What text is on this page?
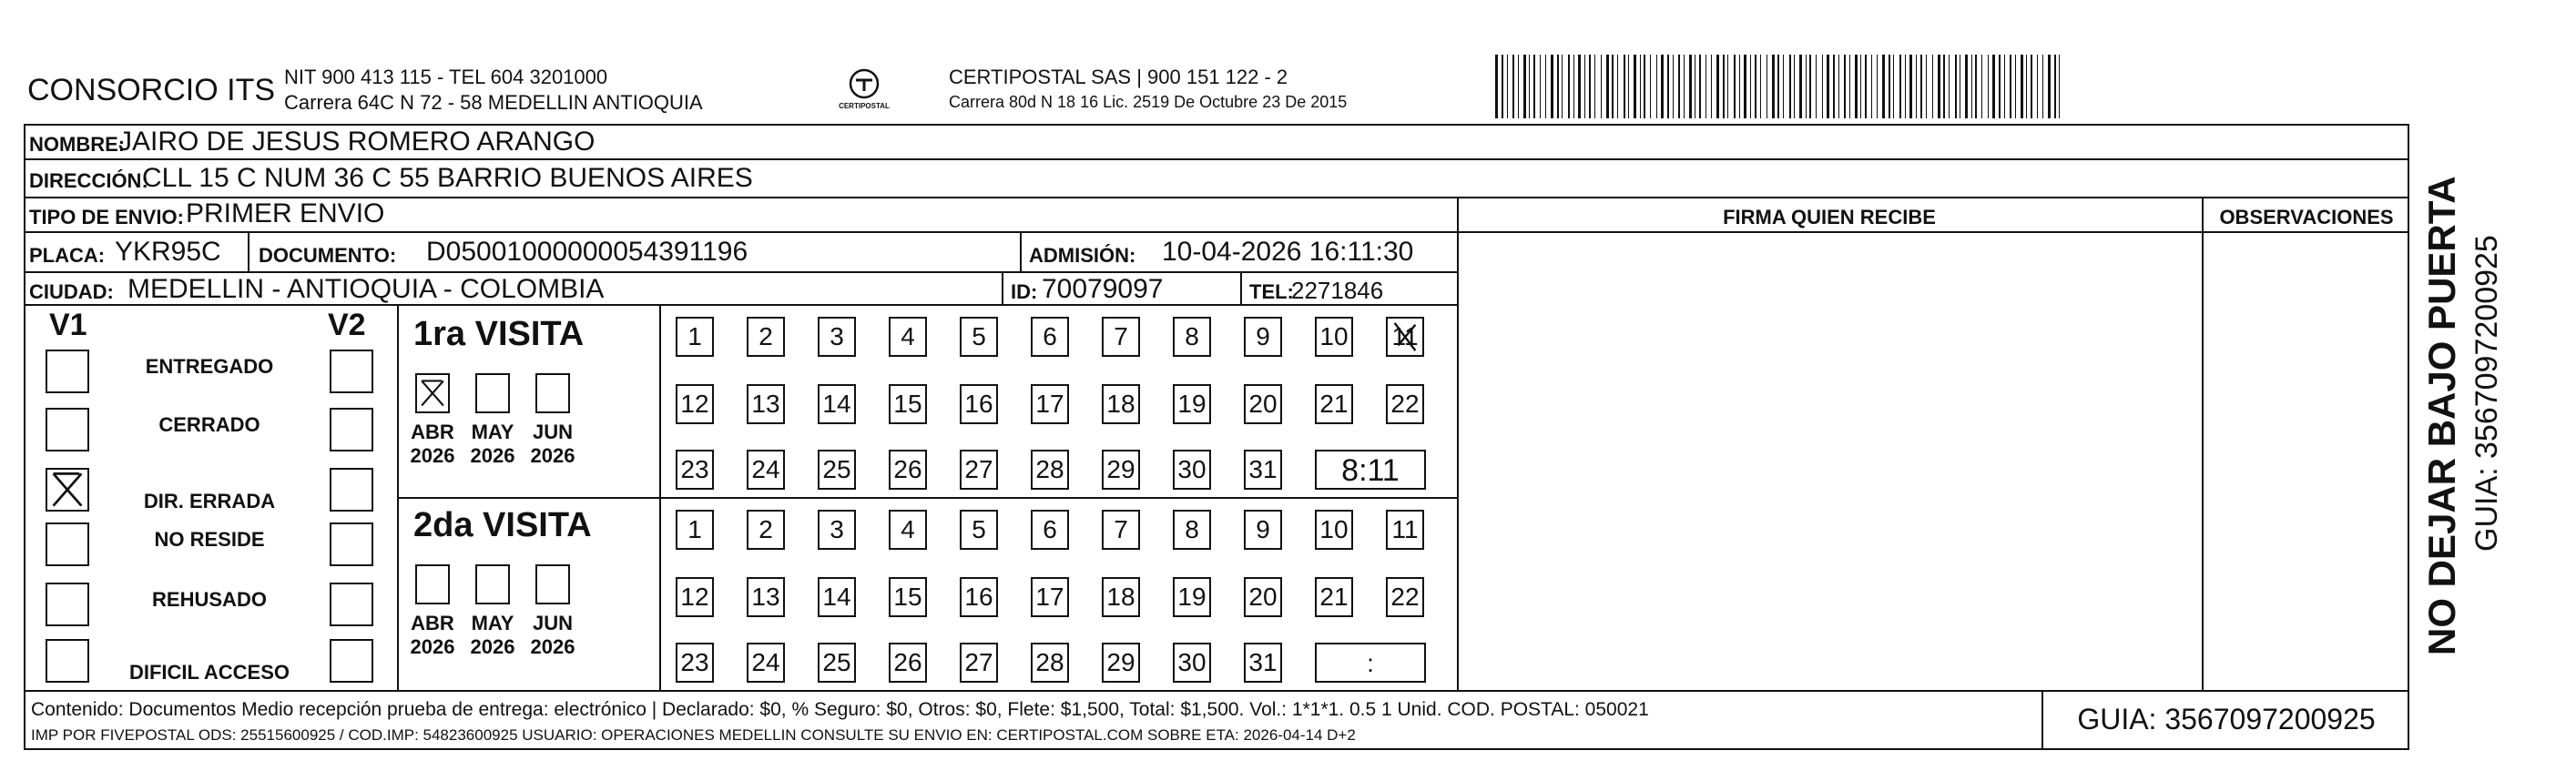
CONSORCIO ITS NIT 900 413 115 - TEL 604 3201000
Carrera 64C N 72 - 58 MEDELLIN ANTIOQUIA	CERTIPOSTAL
CERTIPOSTAL SAS | 900 151 122 - 2
Carrera 80d N 18 16 Lic. 2519 De Octubre 23 De 2015
NOMBRE:
JAIRO DE JESUS ROMERO ARANGO
DIRECCIÓN:
CLL 15 C NUM 36 C 55 BARRIO BUENOS AIRES
TIPO DE ENVIO: PRIMER ENVIO	FIRMA QUIEN RECIBE	OBSERVACIONES
PLACA: YKR95C DOCUMENTO: D05001000000054391196	ADMISIÓN: 10-04-2026 16:11:30
CIUDAD: MEDELLIN - ANTIOQUIA - COLOMBIA	ID: 70079097	TEL:
2271846
V1	V2
ENTREGADO
CERRADO
DIR. ERRADA
NO RESIDE
REHUSADO
DIFICIL ACCESO
1ra VISITA
2da VISITA
ABR
2026
MAY
2026
JUN
2026
ABR
2026
MAY
2026
JUN
2026
1	2	3	4	5	6	7	8	9	10 11
12 13 14 15 16 17 18 19 20 21 22
23 24 25 26 27 28 29 30 31	8:11
1	2	3	4	5	6	7	8	9	10 11
12 13 14 15 16 17 18 19 20 21 22
23 24 25 26 27 28 29 30 31	:
Contenido: Documentos Medio recepción prueba de entrega: electrónico | Declarado: $0, % Seguro: $0, Otros: $0, Flete: $1,500, Total: $1,500. Vol.: 1*1*1. 0.5 1 Unid. COD. POSTAL: 050021
IMP POR FIVEPOSTAL ODS: 25515600925 / COD.IMP: 54823600925 USUARIO: OPERACIONES MEDELLIN CONSULTE SU ENVIO EN: CERTIPOSTAL.COM SOBRE ETA: 2026-04-14 D+2	GUIA: 3567097200925
NO DEJAR BAJO PUERTA GUIA: 3567097200925
